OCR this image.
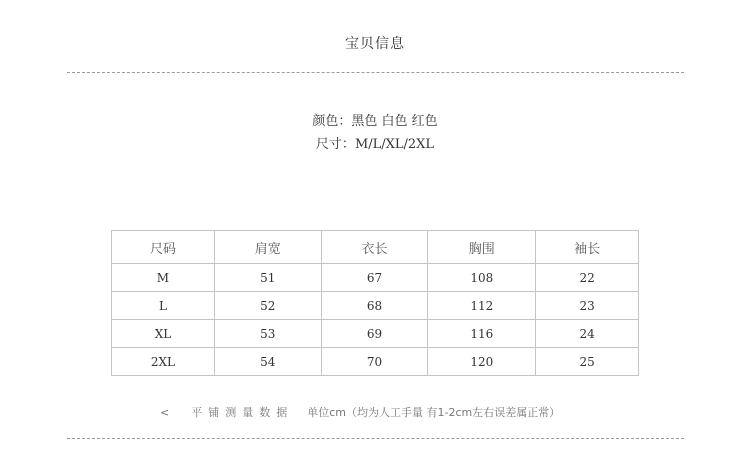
宝贝信息
颜色：黑色 白色 红色
尺寸：M/L/XL/2XL
尺码	肩宽	衣长	胸围	袖长
M	51	67	108	22
L	52	68	112	23
XL	53	69	116	24
2XL	54	70	120	25
< 平铺测量数据 单位cm（均为人工手量 有1-2cm左右误差属正常）
